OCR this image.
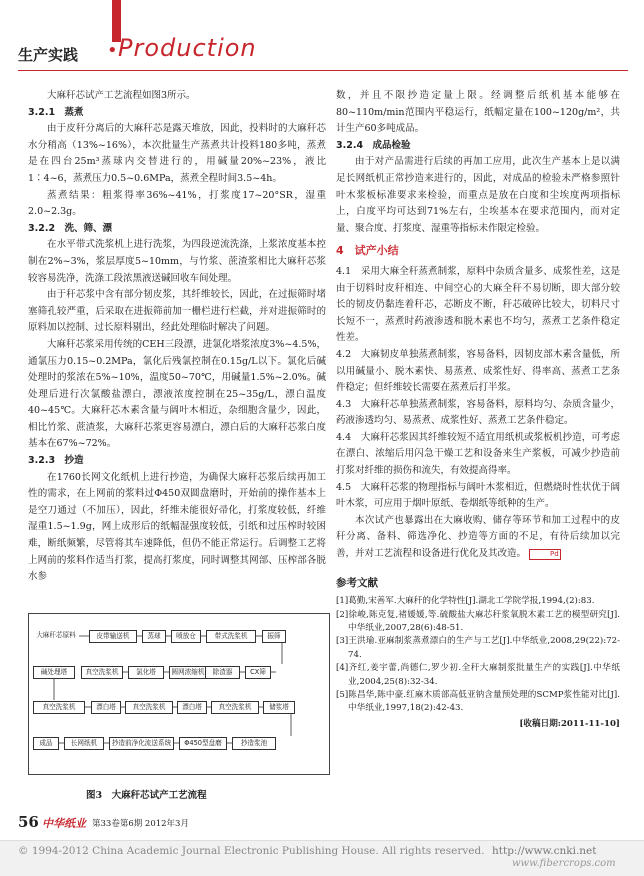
生产实践 • Production

大麻秆芯试产工艺流程如图3所示。

3.2.1　蒸煮

由于皮秆分离后的大麻秆芯是露天堆放，因此，投料时的大麻秆芯水分稍高（13%~16%），本次批量生产蒸煮共计投料180多吨，蒸煮是在四台25m³蒸球内交替进行的，用碱量20%~23%，液比1∶4~6，蒸煮压力0.5~0.6MPa，蒸煮全程时间3.5~4h。

蒸煮结果：粗浆得率36%~41%，打浆度17~20°SR，湿重2.0~2.3g。

3.2.2　洗、筛、漂

在水平带式洗浆机上进行洗浆，为四段逆流洗涤，上浆浓度基本控制在2%~3%，浆层厚度5~10mm，与竹浆、蔗渣浆相比大麻秆芯浆较容易洗净，洗涤工段浓黑液送碱回收车间处理。

由于秆芯浆中含有部分韧皮浆，其纤维较长，因此，在过振筛时堵塞筛孔较严重，后采取在进振筛前加一栅栏进行栏截，并对进振筛时的原料加以控制、过长原料剔出，经此处理临时解决了问题。

大麻秆芯浆采用传统的CEH三段漂，进氯化塔浆浓度3%~4.5%，通氯压力0.15~0.2MPa，氯化后残氯控制在0.15g/L以下。氯化后碱处理时的浆浓在5%~10%，温度50~70℃，用碱量1.5%~2.0%。碱处理后进行次氯酸盐漂白，漂液浓度控制在25~35g/L，漂白温度40~45℃。大麻秆芯木素含量与阔叶木相近，杂细胞含量少，因此，相比竹浆、蔗渣浆，大麻秆芯浆更容易漂白，漂白后的大麻秆芯浆白度基本在67%~72%。

3.2.3　抄造

在1760长网文化纸机上进行抄造，为确保大麻秆芯浆后续再加工性的需求，在上网前的浆料过Φ450双圆盘磨时，开始前的操作基本上是空刀通过（不加压），因此，纤维未能很好帚化，打浆度较低，纤维湿重1.5~1.9g，网上成形后的纸幅湿强度较低，引纸和过压榨时较困难，断纸频繁，尽管将其车速降低，但仍不能正常运行。后调整工艺将上网前的浆料作适当打浆，提高打浆度，同时调整其网部、压榨部各脱水参

大麻秆芯原料	皮带输送机	蒸球	喷放仓	带式洗浆机	振筛
碱处理塔	真空洗浆机	氯化塔	圆网浓缩机	除渣器	CX筛
真空洗浆机	漂白塔	真空洗浆机	漂白塔	真空洗浆机	储浆塔
成品	长网纸机	抄造前净化流送系统	Φ450型盘磨	抄造浆池
图3　大麻秆芯试产工艺流程

数，并且不限抄造定量上限。经调整后纸机基本能够在80~110m/min范围内平稳运行，纸幅定量在100~120g/m²，共计生产60多吨成品。

3.2.4　成品检验

由于对产品需进行后续的再加工应用，此次生产基本上是以满足长网纸机正常抄造来进行的，因此，对成品的检验未严格参照针叶木浆板标准要求来检验，而重点是放在白度和尘埃度两项指标上，白度平均可达到71%左右，尘埃基本在要求范围内，而对定量、聚合度、打浆度、湿重等指标未作限定检验。

4　试产小结

4.1　采用大麻全秆蒸煮制浆，原料中杂质含量多、成浆性差，这是由于切料时皮秆相连、中间空心的大麻全秆不易切断，即大部分较长的韧皮仍黏连着秆芯，芯断皮不断，秆芯破碎比较大，切料尺寸长短不一，蒸煮时药液渗透和脱木素也不均匀，蒸煮工艺条件稳定性差。

4.2　大麻韧皮单独蒸煮制浆，容易备料，因韧皮部木素含量低，所以用碱量小、脱木素快、易蒸煮、成浆性好、得率高、蒸煮工艺条件稳定；但纤维较长需要在蒸煮后打半浆。

4.3　大麻秆芯单独蒸煮制浆，容易备料，原料均匀、杂质含量少，药液渗透均匀、易蒸煮、成浆性好、蒸煮工艺条件稳定。

4.4　大麻秆芯浆因其纤维较短不适宜用纸机或浆板机抄造，可考虑在漂白、浓缩后用闪急干燥工艺和设备来生产浆板，可减少抄造前打浆对纤维的损伤和流失，有效提高得率。

4.5　大麻秆芯浆的物理指标与阔叶木浆相近，但燃烧时性状优于阔叶木浆，可应用于烟叶原纸、卷烟纸等纸种的生产。

本次试产也暴露出在大麻收购、储存等环节和加工过程中的皮秆分离、备料、筛选净化、抄造等方面的不足，有待后续加以完善，并对工艺流程和设备进行优化及其改造。	Pd

参考文献

[1]葛勤,宋善军.大麻秆的化学特性[J].湖北工学院学报,1994,(2):83.

[2]徐峻,陈克复,褚媛媛,等.硫酸盐大麻芯秆浆氧脱木素工艺的模型研究[J].中华纸业,2007,28(6):48-51.

[3]王洪瑜.亚麻制浆蒸煮漂白的生产与工艺[J].中华纸业,2008,29(22):72-74.

[4]齐红,姜宇蕾,尚德仁,罗少初.全秆大麻制浆批量生产的实践[J].中华纸业,2004,25(8):32-34.

[5]陈昌华,陈中豪.红麻木质部高低亚钠含量预处理的SCMP浆性能对比[J].中华纸业,1997,18(2):42-43.

[收稿日期:2011-11-10]

56 中华纸业 第33卷第6期 2012年3月
© 1994-2012 China Academic Journal Electronic Publishing House. All rights reserved. http://www.cnki.net
www.fibercrops.com
